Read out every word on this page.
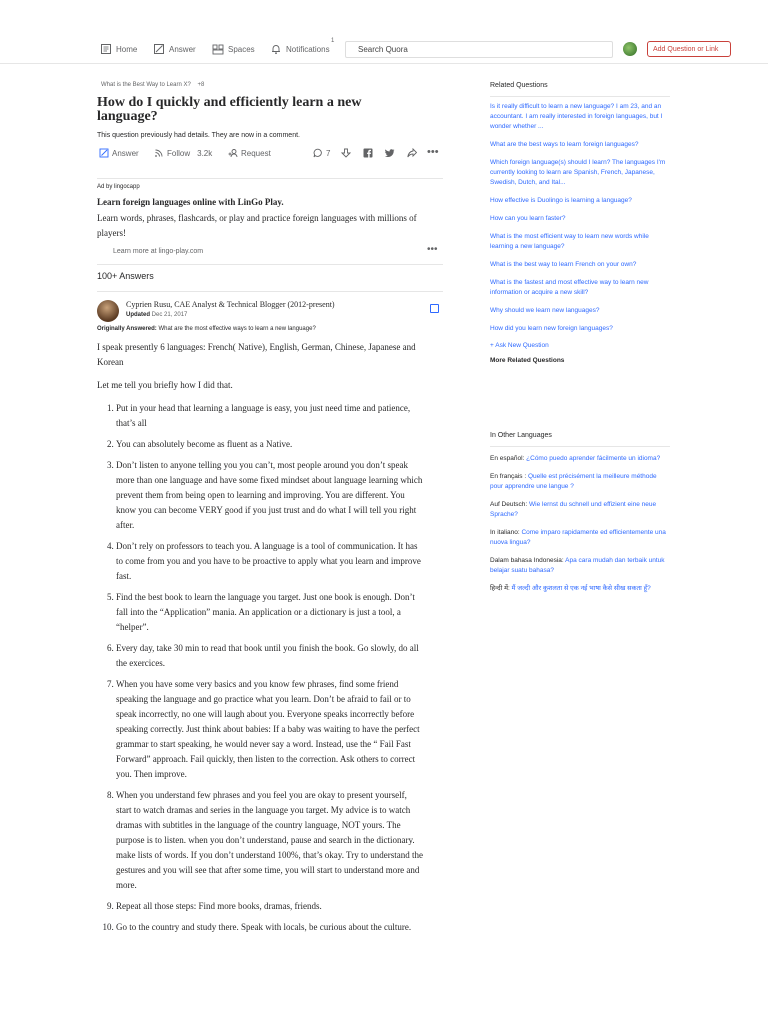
Home	Answer	Spaces	Notifications
1
Search Quora	Add Question or Link
What is the Best Way to Learn X? +8
How do I quickly and efficiently learn a new language?
This question previously had details. They are now in a comment.
Answer	Follow 3.2k	Request	7	•••
Ad by lingocapp
Learn foreign languages online with LinGo Play.
Learn words, phrases, flashcards, or play and practice foreign languages with millions of players!
Learn more at lingo-play.com	•••
100+ Answers
Cyprien Rusu, CAE Analyst & Technical Blogger (2012-present)
Updated Dec 21, 2017
Originally Answered: What are the most effective ways to learn a new language?

I speak presently 6 languages: French( Native), English, German, Chinese, Japanese and Korean

Let me tell you briefly how I did that.

1. Put in your head that learning a language is easy, you just need time and patience, that’s all
2. You can absolutely become as fluent as a Native.
3. Don’t listen to anyone telling you you can’t, most people around you don’t speak more than one language and have some fixed mindset about language learning which prevent them from being open to learning and improving. You are different. You know you can become VERY good if you just trust and do what I will tell you right after.
4. Don’t rely on professors to teach you. A language is a tool of communication. It has to come from you and you have to be proactive to apply what you learn and improve fast.
5. Find the best book to learn the language you target. Just one book is enough. Don’t fall into the “Application” mania. An application or a dictionary is just a tool, a “helper”.
6. Every day, take 30 min to read that book until you finish the book. Go slowly, do all the exercices.
7. When you have some very basics and you know few phrases, find some friend speaking the language and go practice what you learn. Don’t be afraid to fail or to speak incorrectly, no one will laugh about you. Everyone speaks incorrectly before speaking correctly. Just think about babies: If a baby was waiting to have the perfect grammar to start speaking, he would never say a word. Instead, use the “ Fail Fast Forward” approach. Fail quickly, then listen to the correction. Ask others to correct you. Then improve.
8. When you understand few phrases and you feel you are okay to present yourself, start to watch dramas and series in the language you target. My advice is to watch dramas with subtitles in the language of the country language, NOT yours. The purpose is to listen. when you don’t understand, pause and search in the dictionary. make lists of words. If you don’t understand 100%, that’s okay. Try to understand the gestures and you will see that after some time, you will start to understand more and more.
9. Repeat all those steps: Find more books, dramas, friends.
10. Go to the country and study there. Speak with locals, be curious about the culture.
Related Questions
Is it really difficult to learn a new language? I am 23, and an accountant. I am really interested in foreign languages, but I wonder whether ...
What are the best ways to learn foreign languages?
Which foreign language(s) should I learn? The languages I'm currently looking to learn are Spanish, French, Japanese, Swedish, Dutch, and Ital...
How effective is Duolingo is learning a language?
How can you learn faster?
What is the most efficient way to learn new words while learning a new language?
What is the best way to learn French on your own?
What is the fastest and most effective way to learn new information or acquire a new skill?
Why should we learn new languages?
How did you learn new foreign languages?
+ Ask New Question
More Related Questions
In Other Languages
En español: ¿Cómo puedo aprender fácilmente un idioma?
En français : Quelle est précisément la meilleure méthode pour apprendre une langue ?
Auf Deutsch: Wie lernst du schnell und effizient eine neue Sprache?
In italiano: Come imparo rapidamente ed efficientemente una nuova lingua?
Dalam bahasa Indonesia: Apa cara mudah dan terbaik untuk belajar suatu bahasa?
हिन्दी में: मैं जल्दी और कुशलता से एक नई भाषा कैसे सीख सकता हूँ?
